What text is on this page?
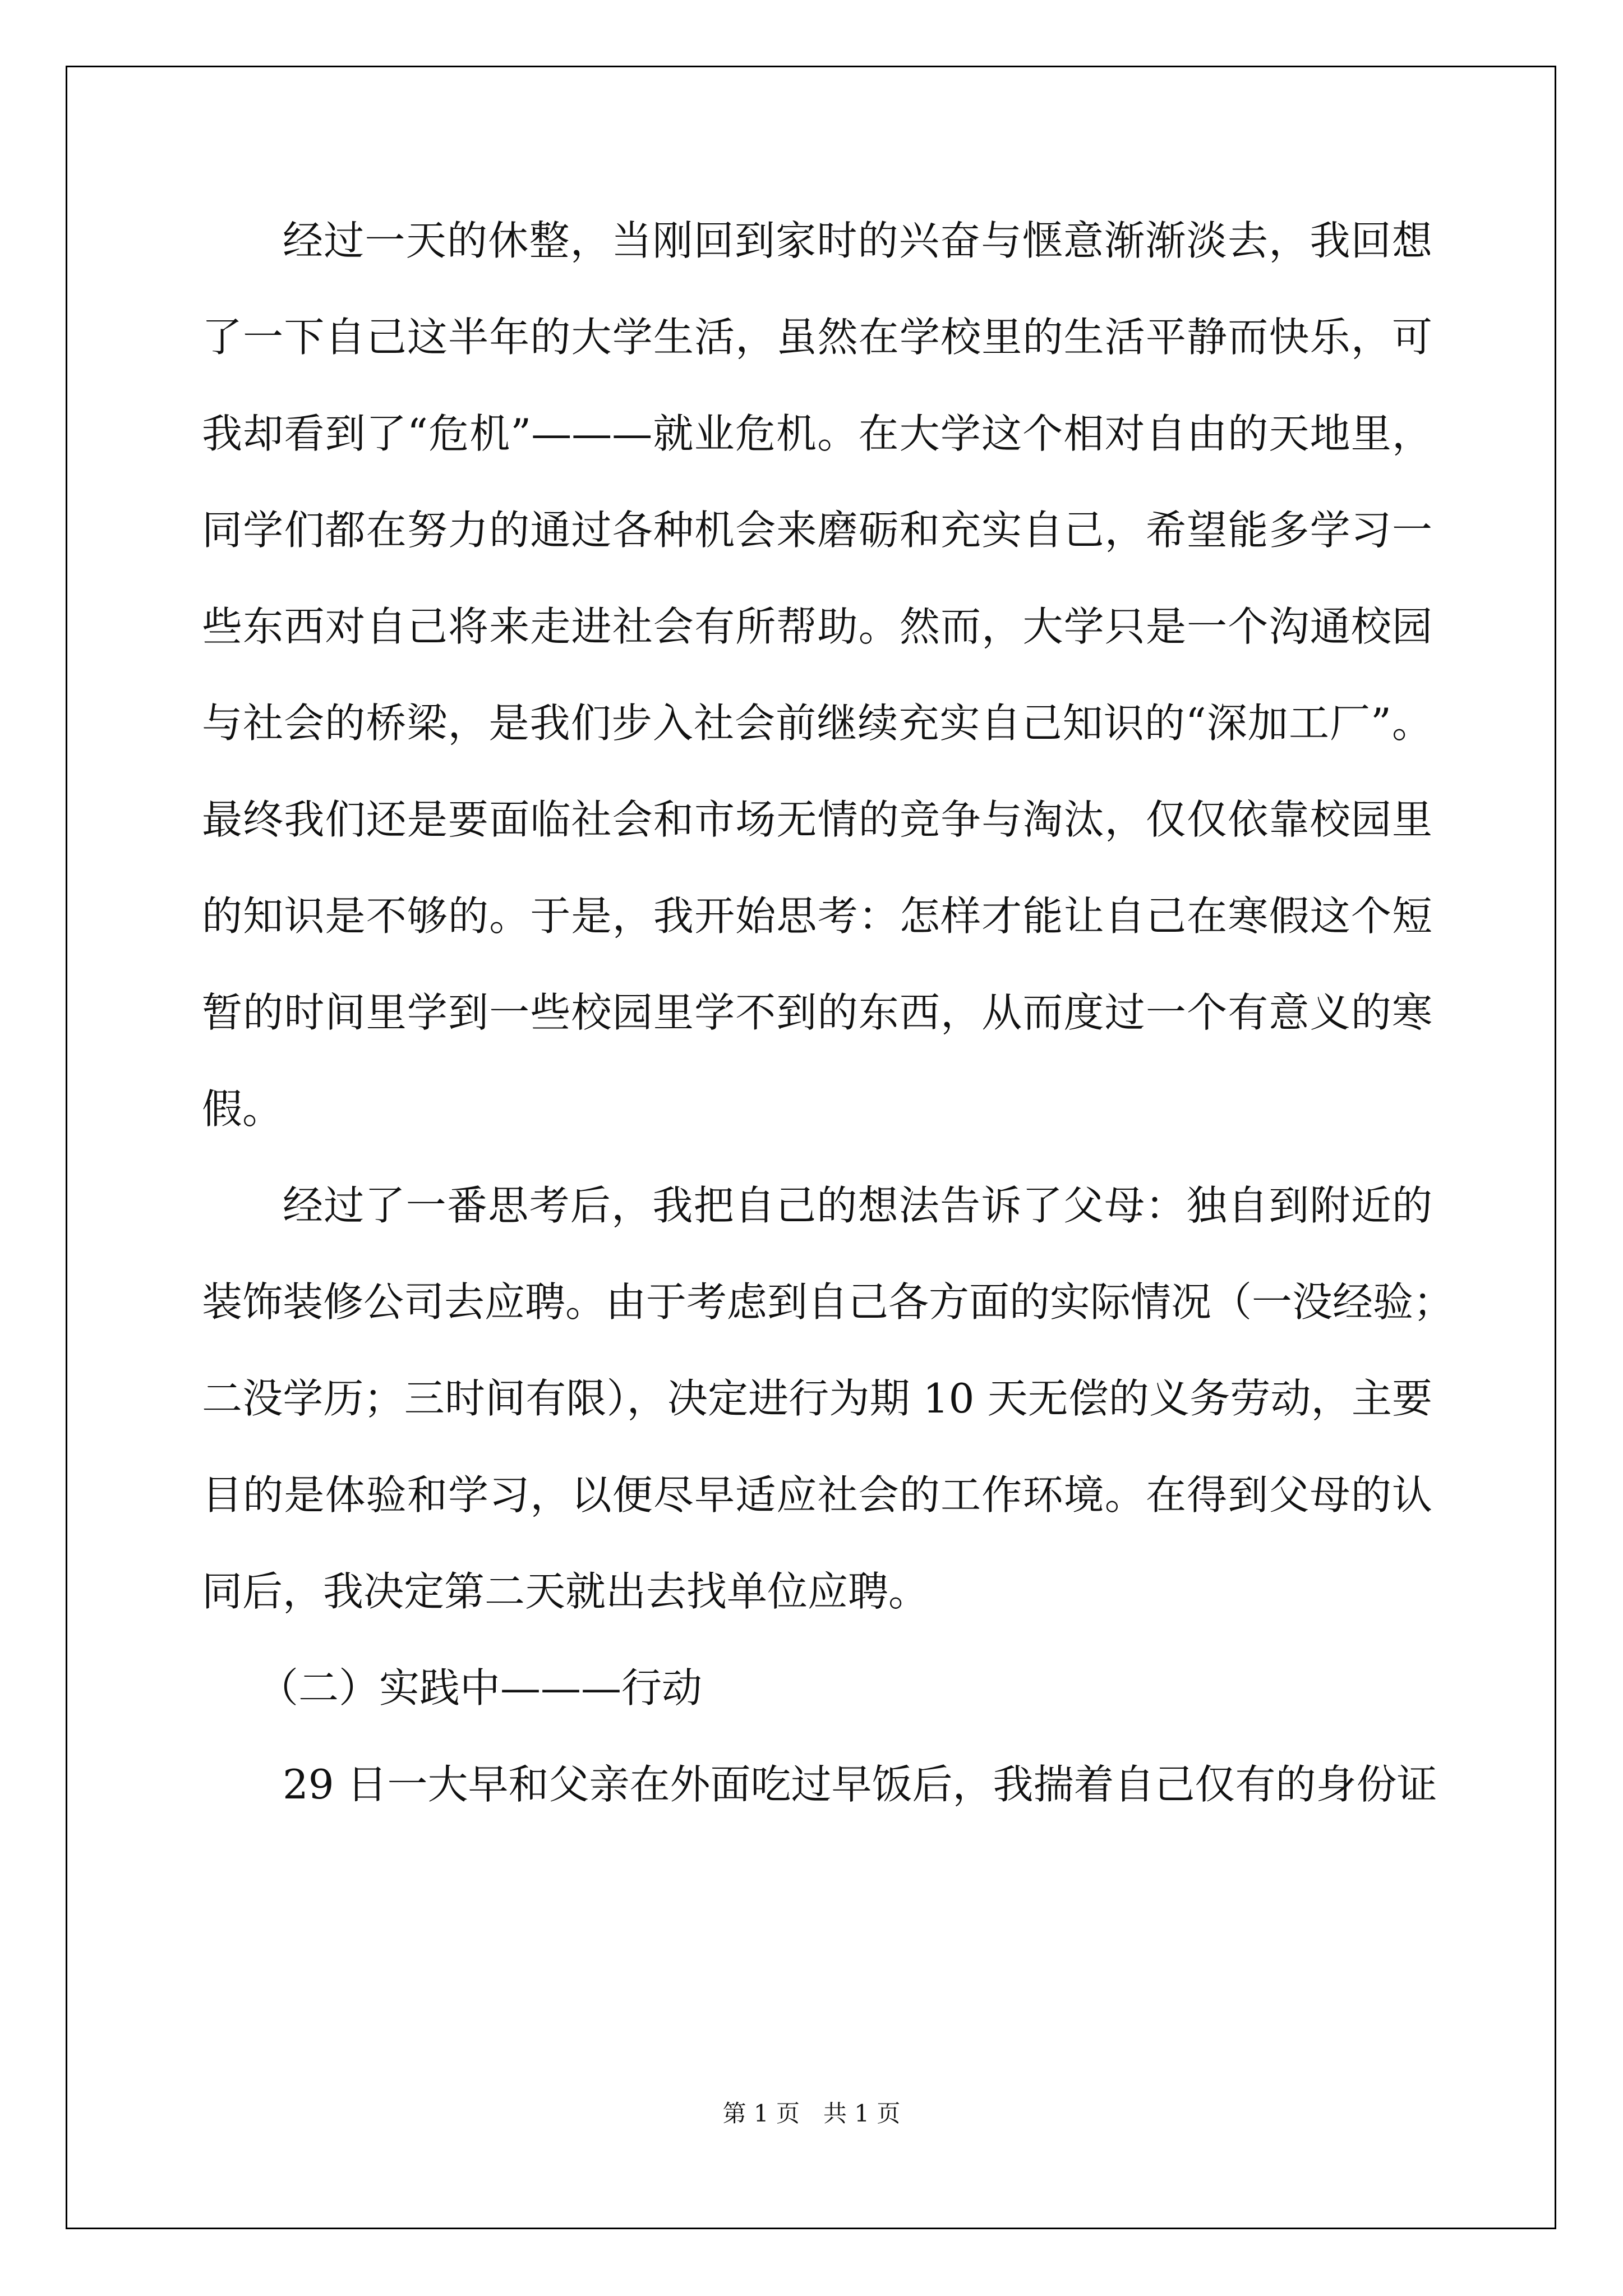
经过一天的休整，当刚回到家时的兴奋与惬意渐渐淡去，我回想
了一下自己这半年的大学生活，虽然在学校里的生活平静而快乐，可
我却看到了“危机”———就业危机。在大学这个相对自由的天地里，
同学们都在努力的通过各种机会来磨砺和充实自己，希望能多学习一
些东西对自己将来走进社会有所帮助。然而，大学只是一个沟通校园
与社会的桥梁，是我们步入社会前继续充实自己知识的“深加工厂”。
最终我们还是要面临社会和市场无情的竞争与淘汰，仅仅依靠校园里
的知识是不够的。于是，我开始思考：怎样才能让自己在寒假这个短
暂的时间里学到一些校园里学不到的东西，从而度过一个有意义的寒
假。
经过了一番思考后，我把自己的想法告诉了父母：独自到附近的
装饰装修公司去应聘。由于考虑到自己各方面的实际情况（一没经验；
二没学历；三时间有限），决定进行为期 10 天无偿的义务劳动，主要
目的是体验和学习，以便尽早适应社会的工作环境。在得到父母的认
同后，我决定第二天就出去找单位应聘。
（二）实践中———行动
29 日一大早和父亲在外面吃过早饭后，我揣着自己仅有的身份证
第 1 页　共 1 页
